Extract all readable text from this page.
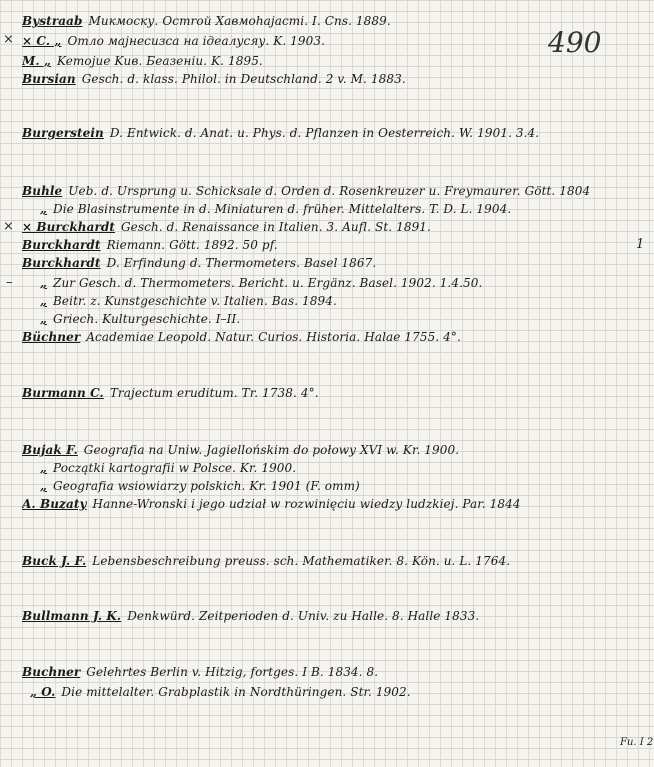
490
×
×
–
1
Bystraab Mикмоску. Oстrой Хавмоhаjастi. I. Cns. 1889.
× C. „ Отло маjнесизса на iдeaлусяу. K. 1903.
M. „ Kemojиe Kив. Бeaзенiu. K. 1895.
Bursian Gesch. d. klass. Philol. in Deutschland. 2 v. M. 1883.
Burgerstein D. Entwick. d. Anat. u. Phys. d. Pflanzen in Oesterreich. W. 1901. 3.4.
Buhle Ueb. d. Ursprung u. Schicksale d. Orden d. Rosenkreuzer u. Freymaurer. Gött. 1804
„ Die Blasinstrumente in d. Miniaturen d. früher. Mittelalters. T. D. L. 1904.
× Burckhardt Gesch. d. Renaissance in Italien. 3. Aufl. St. 1891.
Burckhardt Riemann. Gött. 1892. 50 pf.
Burckhardt D. Erfindung d. Thermometers. Basel 1867.
„ Zur Gesch. d. Thermometers. Bericht. u. Ergänz. Basel. 1902. 1.4.50.
„ Beitr. z. Kunstgeschichte v. Italien. Bas. 1894.
„ Griech. Kulturgeschichte. I–II.
Büchner Academiae Leopold. Natur. Curios. Historia. Halae 1755. 4°.
Burmann C. Trajectum eruditum. Tr. 1738. 4°.
Bujak F. Geografia na Uniw. Jagiellońskim do połowy XVI w. Kr. 1900.
„ Początki kartografii w Polsce. Kr. 1900.
„ Geografia wsiowiarzy polskich. Kr. 1901 (F. omm)
A. Buzaty Hanne-Wronski i jego udział w rozwinięciu wiedzy ludzkiej. Par. 1844
Buck J. F. Lebensbeschreibung preuss. sch. Mathematiker. 8. Kön. u. L. 1764.
Bullmann J. K. Denkwürd. Zeitperioden d. Univ. zu Halle. 8. Halle 1833.
Buchner Gelehrtes Berlin v. Hitzig, fortges. I B. 1834. 8.
„ O. Die mittelalter. Grabplastik in Nordthüringen. Str. 1902.
Fu. I 2
